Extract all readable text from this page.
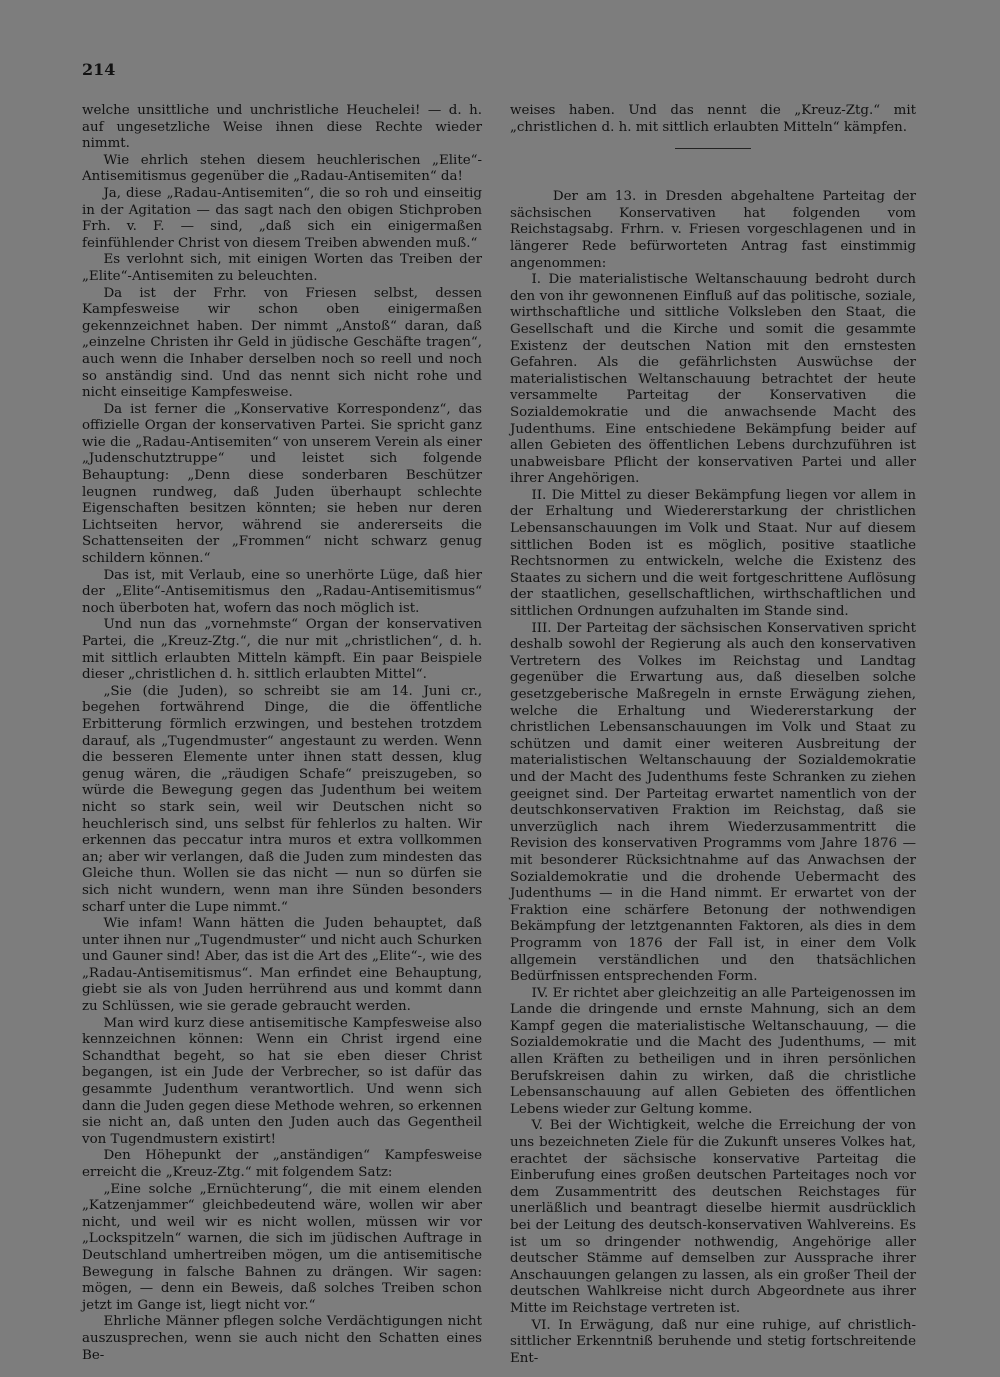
214

welche unsittliche und unchristliche Heuchelei! — d. h. auf ungesetzliche Weise ihnen diese Rechte wieder nimmt.

Wie ehrlich stehen diesem heuchlerischen „Elite“-Antisemitismus gegenüber die „Radau-Antisemiten“ da!

Ja, diese „Radau-Antisemiten“, die so roh und einseitig in der Agitation — das sagt nach den obigen Stichproben Frh. v. F. — sind, „daß sich ein einigermaßen feinfühlender Christ von diesem Treiben abwenden muß.“

Es verlohnt sich, mit einigen Worten das Treiben der „Elite“-Antisemiten zu beleuchten.

Da ist der Frhr. von Friesen selbst, dessen Kampfesweise wir schon oben einigermaßen gekennzeichnet haben. Der nimmt „Anstoß“ daran, daß „einzelne Christen ihr Geld in jüdische Geschäfte tragen“, auch wenn die Inhaber derselben noch so reell und noch so anständig sind. Und das nennt sich nicht rohe und nicht einseitige Kampfesweise.

Da ist ferner die „Konservative Korrespondenz“, das offizielle Organ der konservativen Partei. Sie spricht ganz wie die „Radau-Antisemiten“ von unserem Verein als einer „Judenschutztruppe“ und leistet sich folgende Behauptung: „Denn diese sonderbaren Beschützer leugnen rundweg, daß Juden überhaupt schlechte Eigenschaften besitzen könnten; sie heben nur deren Lichtseiten hervor, während sie andererseits die Schattenseiten der „Frommen“ nicht schwarz genug schildern können.“

Das ist, mit Verlaub, eine so unerhörte Lüge, daß hier der „Elite“-Antisemitismus den „Radau-Antisemitismus“ noch überboten hat, wofern das noch möglich ist.

Und nun das „vornehmste“ Organ der konservativen Partei, die „Kreuz-Ztg.“, die nur mit „christlichen“, d. h. mit sittlich erlaubten Mitteln kämpft. Ein paar Beispiele dieser „christlichen d. h. sittlich erlaubten Mittel“.

„Sie (die Juden), so schreibt sie am 14. Juni cr., begehen fortwährend Dinge, die die öffentliche Erbitterung förmlich erzwingen, und bestehen trotzdem darauf, als „Tugendmuster“ angestaunt zu werden. Wenn die besseren Elemente unter ihnen statt dessen, klug genug wären, die „räudigen Schafe“ preiszugeben, so würde die Bewegung gegen das Judenthum bei weitem nicht so stark sein, weil wir Deutschen nicht so heuchlerisch sind, uns selbst für fehlerlos zu halten. Wir erkennen das peccatur intra muros et extra vollkommen an; aber wir verlangen, daß die Juden zum mindesten das Gleiche thun. Wollen sie das nicht — nun so dürfen sie sich nicht wundern, wenn man ihre Sünden besonders scharf unter die Lupe nimmt.“

Wie infam! Wann hätten die Juden behauptet, daß unter ihnen nur „Tugendmuster“ und nicht auch Schurken und Gauner sind! Aber, das ist die Art des „Elite“-, wie des „Radau-Antisemitismus“. Man erfindet eine Behauptung, giebt sie als von Juden herrührend aus und kommt dann zu Schlüssen, wie sie gerade gebraucht werden.

Man wird kurz diese antisemitische Kampfesweise also kennzeichnen können: Wenn ein Christ irgend eine Schandthat begeht, so hat sie eben dieser Christ begangen, ist ein Jude der Verbrecher, so ist dafür das gesammte Judenthum verantwortlich. Und wenn sich dann die Juden gegen diese Methode wehren, so erkennen sie nicht an, daß unten den Juden auch das Gegentheil von Tugendmustern existirt!

Den Höhepunkt der „anständigen“ Kampfesweise erreicht die „Kreuz-Ztg.“ mit folgendem Satz:

„Eine solche „Ernüchterung“, die mit einem elenden „Katzenjammer“ gleichbedeutend wäre, wollen wir aber nicht, und weil wir es nicht wollen, müssen wir vor „Lockspitzeln“ warnen, die sich im jüdischen Auftrage in Deutschland umhertreiben mögen, um die antisemitische Bewegung in falsche Bahnen zu drängen. Wir sagen: mögen, — denn ein Beweis, daß solches Treiben schon jetzt im Gange ist, liegt nicht vor.“

Ehrliche Männer pflegen solche Verdächtigungen nicht auszusprechen, wenn sie auch nicht den Schatten eines Be-

weises haben. Und das nennt die „Kreuz-Ztg.“ mit „christlichen d. h. mit sittlich erlaubten Mitteln“ kämpfen.

Der am 13. in Dresden abgehaltene Parteitag der sächsischen Konservativen hat folgenden vom Reichstagsabg. Frhrn. v. Friesen vorgeschlagenen und in längerer Rede befürworteten Antrag fast einstimmig angenommen:

I. Die materialistische Weltanschauung bedroht durch den von ihr gewonnenen Einfluß auf das politische, soziale, wirthschaftliche und sittliche Volksleben den Staat, die Gesellschaft und die Kirche und somit die gesammte Existenz der deutschen Nation mit den ernstesten Gefahren. Als die gefährlichsten Auswüchse der materialistischen Weltanschauung betrachtet der heute versammelte Parteitag der Konservativen die Sozialdemokratie und die anwachsende Macht des Judenthums. Eine entschiedene Bekämpfung beider auf allen Gebieten des öffentlichen Lebens durchzuführen ist unabweisbare Pflicht der konservativen Partei und aller ihrer Angehörigen.

II. Die Mittel zu dieser Bekämpfung liegen vor allem in der Erhaltung und Wiedererstarkung der christlichen Lebensanschauungen im Volk und Staat. Nur auf diesem sittlichen Boden ist es möglich, positive staatliche Rechtsnormen zu entwickeln, welche die Existenz des Staates zu sichern und die weit fortgeschrittene Auflösung der staatlichen, gesellschaftlichen, wirthschaftlichen und sittlichen Ordnungen aufzuhalten im Stande sind.

III. Der Parteitag der sächsischen Konservativen spricht deshalb sowohl der Regierung als auch den konservativen Vertretern des Volkes im Reichstag und Landtag gegenüber die Erwartung aus, daß dieselben solche gesetzgeberische Maßregeln in ernste Erwägung ziehen, welche die Erhaltung und Wiedererstarkung der christlichen Lebensanschauungen im Volk und Staat zu schützen und damit einer weiteren Ausbreitung der materialistischen Weltanschauung der Sozialdemokratie und der Macht des Judenthums feste Schranken zu ziehen geeignet sind. Der Parteitag erwartet namentlich von der deutschkonservativen Fraktion im Reichstag, daß sie unverzüglich nach ihrem Wiederzusammentritt die Revision des konservativen Programms vom Jahre 1876 — mit besonderer Rücksichtnahme auf das Anwachsen der Sozialdemokratie und die drohende Uebermacht des Judenthums — in die Hand nimmt. Er erwartet von der Fraktion eine schärfere Betonung der nothwendigen Bekämpfung der letztgenannten Faktoren, als dies in dem Programm von 1876 der Fall ist, in einer dem Volk allgemein verständlichen und den thatsächlichen Bedürfnissen entsprechenden Form.

IV. Er richtet aber gleichzeitig an alle Parteigenossen im Lande die dringende und ernste Mahnung, sich an dem Kampf gegen die materialistische Weltanschauung, — die Sozialdemokratie und die Macht des Judenthums, — mit allen Kräften zu betheiligen und in ihren persönlichen Berufskreisen dahin zu wirken, daß die christliche Lebensanschauung auf allen Gebieten des öffentlichen Lebens wieder zur Geltung komme.

V. Bei der Wichtigkeit, welche die Erreichung der von uns bezeichneten Ziele für die Zukunft unseres Volkes hat, erachtet der sächsische konservative Parteitag die Einberufung eines großen deutschen Parteitages noch vor dem Zusammentritt des deutschen Reichstages für unerläßlich und beantragt dieselbe hiermit ausdrücklich bei der Leitung des deutsch-konservativen Wahlvereins. Es ist um so dringender nothwendig, Angehörige aller deutscher Stämme auf demselben zur Aussprache ihrer Anschauungen gelangen zu lassen, als ein großer Theil der deutschen Wahlkreise nicht durch Abgeordnete aus ihrer Mitte im Reichstage vertreten ist.

VI. In Erwägung, daß nur eine ruhige, auf christlich-sittlicher Erkenntniß beruhende und stetig fortschreitende Ent-
